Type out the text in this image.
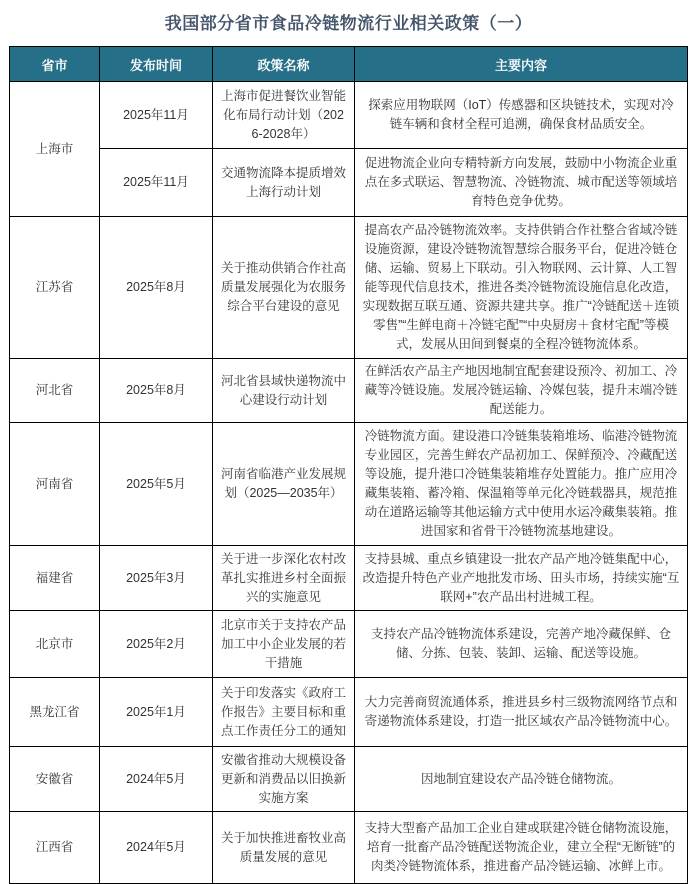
我国部分省市食品冷链物流行业相关政策（一）
省市	发布时间	政策名称	主要内容
上海市	2025年11月	上海市促进餐饮业智能化布局行动计划（2026-2028年）	探索应用物联网（IoT）传感器和区块链技术，实现对冷链车辆和食材全程可追溯，确保食材品质安全。
	2025年11月	交通物流降本提质增效上海行动计划	促进物流企业向专精特新方向发展，鼓励中小物流企业重点在多式联运、智慧物流、冷链物流、城市配送等领域培育特色竞争优势。
江苏省	2025年8月	关于推动供销合作社高质量发展强化为农服务综合平台建设的意见	提高农产品冷链物流效率。支持供销合作社整合省域冷链设施资源，建设冷链物流智慧综合服务平台，促进冷链仓储、运输、贸易上下联动。引入物联网、云计算、人工智能等现代信息技术，推进各类冷链物流设施信息化改造，实现数据互联互通、资源共建共享。推广“冷链配送＋连锁零售”“生鲜电商＋冷链宅配”“中央厨房＋食材宅配”等模式，发展从田间到餐桌的全程冷链物流体系。
河北省	2025年8月	河北省县域快递物流中心建设行动计划	在鲜活农产品主产地因地制宜配套建设预冷、初加工、冷藏等冷链设施。发展冷链运输、冷媒包装，提升末端冷链配送能力。
河南省	2025年5月	河南省临港产业发展规划（2025—2035年）	冷链物流方面。建设港口冷链集装箱堆场、临港冷链物流专业园区，完善生鲜农产品初加工、保鲜预冷、冷藏配送等设施，提升港口冷链集装箱堆存处置能力。推广应用冷藏集装箱、蓄冷箱、保温箱等单元化冷链载器具，规范推动在道路运输等其他运输方式中使用水运冷藏集装箱。推进国家和省骨干冷链物流基地建设。
福建省	2025年3月	关于进一步深化农村改革扎实推进乡村全面振兴的实施意见	支持县城、重点乡镇建设一批农产品产地冷链集配中心，改造提升特色产业产地批发市场、田头市场，持续实施“互联网+”农产品出村进城工程。
北京市	2025年2月	北京市关于支持农产品加工中小企业发展的若干措施	支持农产品冷链物流体系建设，完善产地冷藏保鲜、仓储、分拣、包装、装卸、运输、配送等设施。
黑龙江省	2025年1月	关于印发落实《政府工作报告》主要目标和重点工作责任分工的通知	大力完善商贸流通体系，推进县乡村三级物流网络节点和寄递物流体系建设，打造一批区域农产品冷链物流中心。
安徽省	2024年5月	安徽省推动大规模设备更新和消费品以旧换新实施方案	因地制宜建设农产品冷链仓储物流。
江西省	2024年5月	关于加快推进畜牧业高质量发展的意见	支持大型畜产品加工企业自建或联建冷链仓储物流设施，培育一批畜产品冷链配送物流企业，建立全程“无断链”的肉类冷链物流体系，推进畜产品冷链运输、冰鲜上市。
